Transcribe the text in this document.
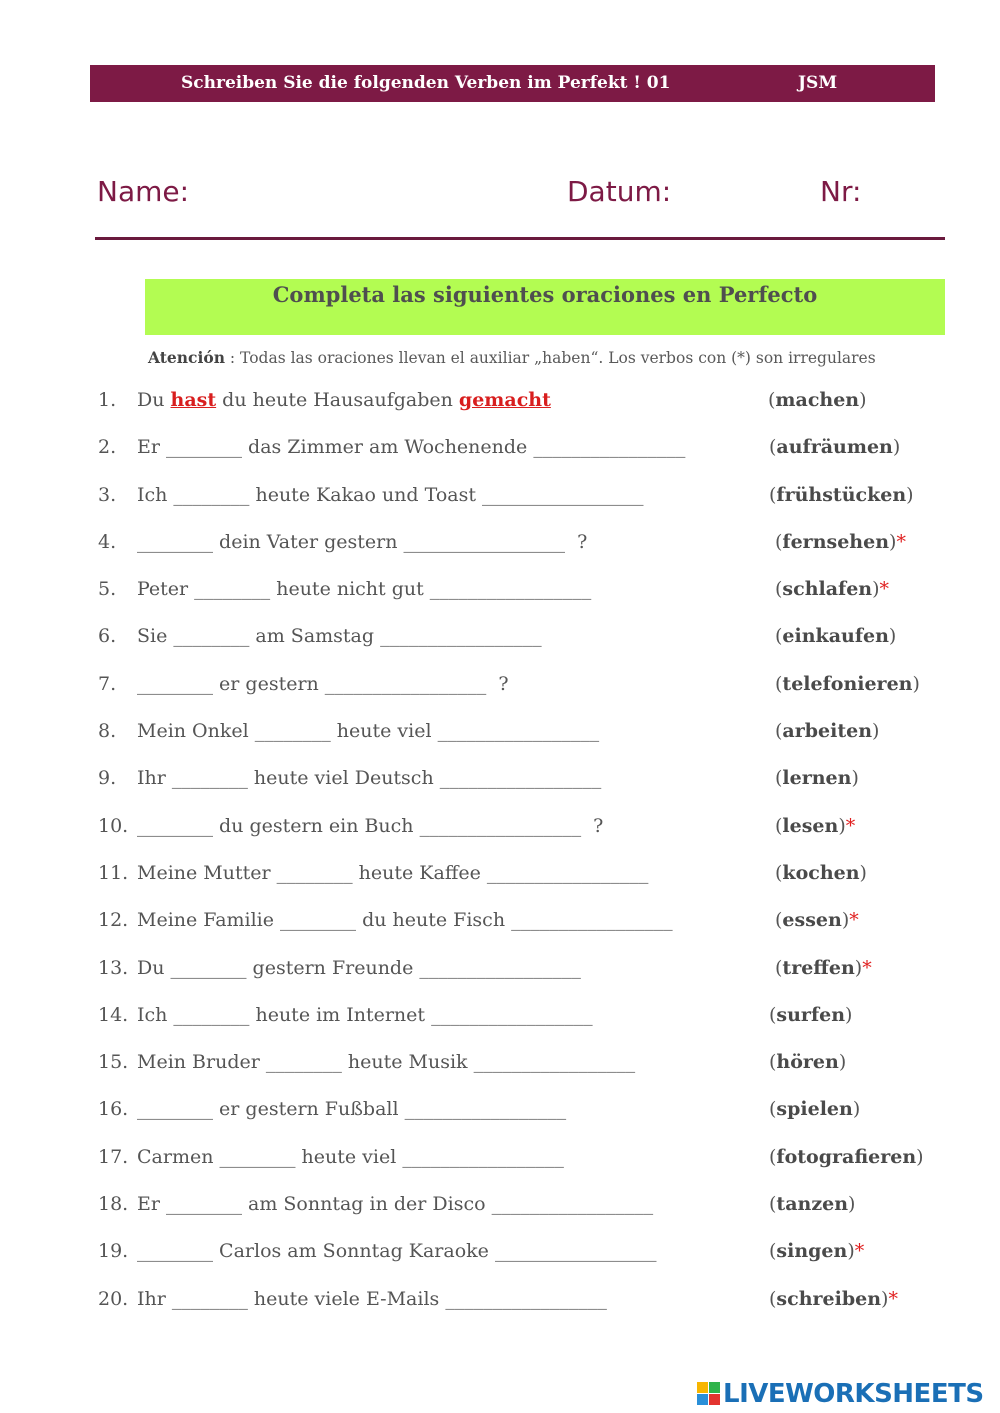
Schreiben Sie die folgenden Verben im Perfekt ! 01	JSM
Name:	Datum:	Nr:
Completa las siguientes oraciones en Perfecto
Atención : Todas las oraciones llevan el auxiliar „haben“. Los verbos con (*) son irregulares
1. Du hast du heute Hausaufgaben gemacht	(machen)
2. Er ________ das Zimmer am Wochenende ________________	(aufräumen)
3. Ich ________ heute Kakao und Toast _________________	(frühstücken)
4. ________ dein Vater gestern _________________  ?	(fernsehen)*
5. Peter ________ heute nicht gut _________________	(schlafen)*
6. Sie ________ am Samstag _________________	(einkaufen)
7. ________ er gestern _________________  ?	(telefonieren)
8. Mein Onkel ________ heute viel _________________	(arbeiten)
9. Ihr ________ heute viel Deutsch _________________	(lernen)
10. ________ du gestern ein Buch _________________  ?	(lesen)*
11. Meine Mutter ________ heute Kaffee _________________	(kochen)
12. Meine Familie ________ du heute Fisch _________________	(essen)*
13. Du ________ gestern Freunde _________________	(treffen)*
14. Ich ________ heute im Internet _________________	(surfen)
15. Mein Bruder ________ heute Musik _________________	(hören)
16. ________ er gestern Fußball _________________	(spielen)
17. Carmen ________ heute viel _________________	(fotografieren)
18. Er ________ am Sonntag in der Disco _________________	(tanzen)
19. ________ Carlos am Sonntag Karaoke _________________	(singen)*
20. Ihr ________ heute viele E-Mails _________________	(schreiben)*
LIVEWORKSHEETS
